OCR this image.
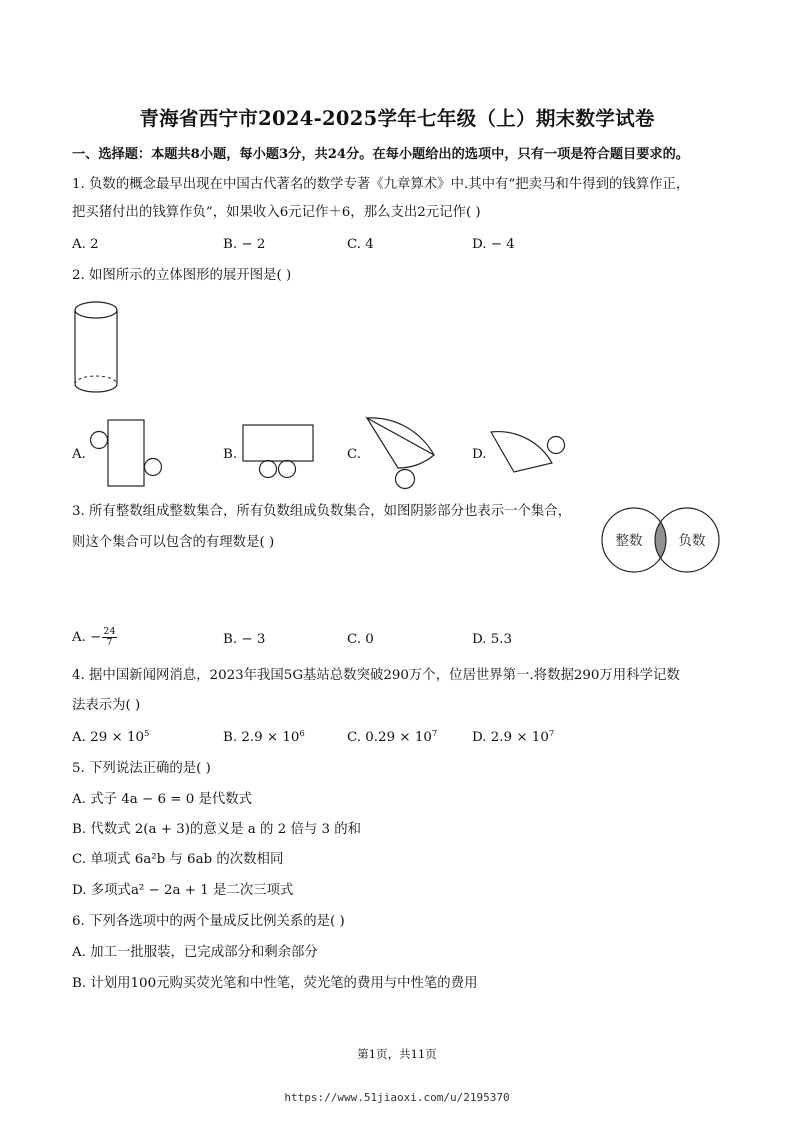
青海省西宁市2024-2025学年七年级（上）期末数学试卷
一、选择题：本题共8小题，每小题3分，共24分。在每小题给出的选项中，只有一项是符合题目要求的。
1. 负数的概念最早出现在中国古代著名的数学专著《九章算术》中.其中有“把卖马和牛得到的钱算作正，
把买猪付出的钱算作负”，如果收入6元记作＋6，那么支出2元记作( )
A. 2	B. − 2	C. 4	D. − 4
2. 如图所示的立体图形的展开图是( )
A.	B.	C.	D.
3. 所有整数组成整数集合，所有负数组成负数集合，如图阴影部分也表示一个集合，
则这个集合可以包含的有理数是( )	整数	负数
A. − $\frac{24}{7}$	B. − 3	C. 0	D. 5.3
4. 据中国新闻网消息，2023年我国5G基站总数突破290万个，位居世界第一.将数据290万用科学记数
法表示为( )
A. $29 \times 10^5$	B. $2.9 \times 10^6$	C. $0.29 \times 10^7$	D. $2.9 \times 10^7$
5. 下列说法正确的是( )
A. 式子 4a − 6 = 0 是代数式
B. 代数式 2(a + 3)的意义是 a 的 2 倍与 3 的和
C. 单项式 6a²b 与 6ab 的次数相同
D. 多项式a² − 2a + 1 是二次三项式
6. 下列各选项中的两个量成反比例关系的是( )
A. 加工一批服装，已完成部分和剩余部分
B. 计划用100元购买荧光笔和中性笔，荧光笔的费用与中性笔的费用
第1页，共11页
https://www.51jiaoxi.com/u/2195370
